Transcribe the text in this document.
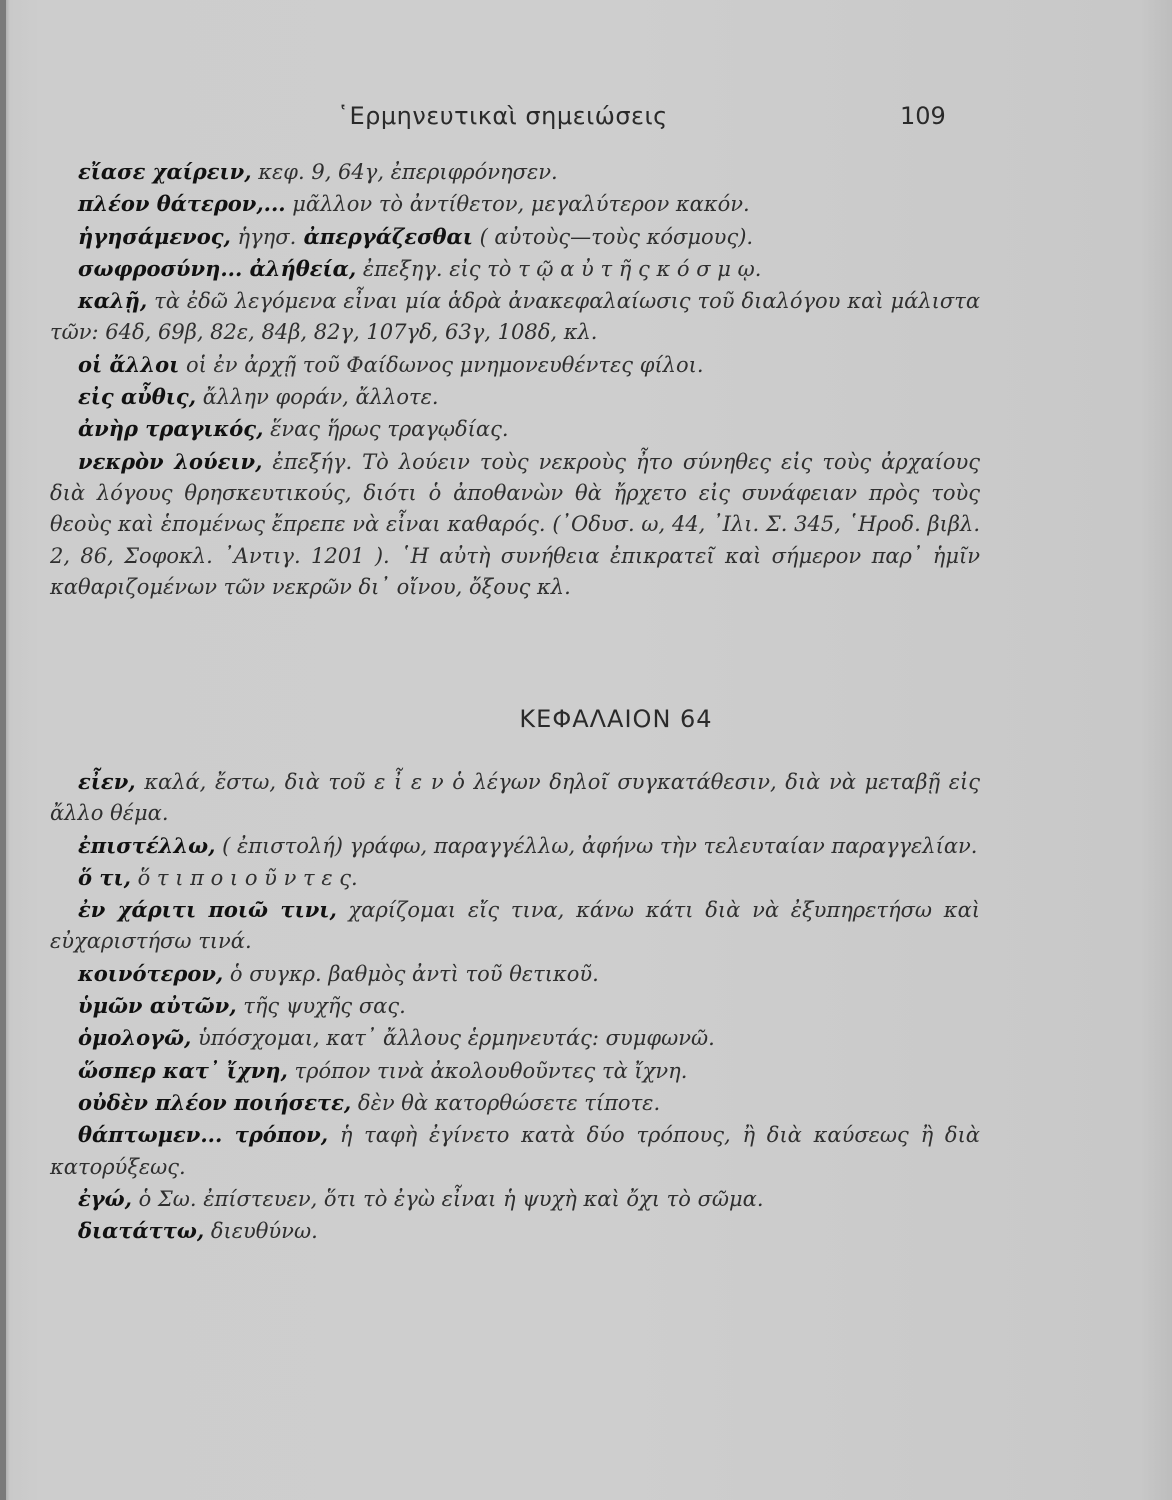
῾Ερμηνευτικαὶ σημειώσεις	109

εἴασε χαίρειν, κεφ. 9, 64γ, ἐπεριφρόνησεν.

πλέον θάτερον,... μᾶλλον τὸ ἀντίθετον, μεγαλύτερον κακόν.

ἡγησάμενος, ἡγησ. ἀπεργάζεσθαι ( αὐτοὺς—τοὺς κόσμους).

σωφροσύνη... ἀλήθεία, ἐπεξηγ. εἰς τὸ τ ῷ α ὐ τ ῆ ς κ ό σ μ ῳ.

καλῇ, τὰ ἐδῶ λεγόμενα εἶναι μία ἁδρὰ ἀνακεφαλαίωσις τοῦ διαλόγου καὶ μάλιστα τῶν: 64δ, 69β, 82ε, 84β, 82γ, 107γδ, 63γ, 108δ, κλ.

οἱ ἄλλοι οἱ ἐν ἀρχῇ τοῦ Φαίδωνος μνημονευθέντες φίλοι.

εἰς αὖθις, ἄλλην φοράν, ἄλλοτε.

ἀνὴρ τραγικός, ἕνας ἥρως τραγῳδίας.

νεκρὸν λούειν, ἐπεξήγ. Τὸ λούειν τοὺς νεκροὺς ἦτο σύνηθες εἰς τοὺς ἀρχαίους διὰ λόγους θρησκευτικούς, διότι ὁ ἀποθανὼν θὰ ἤρχετο εἰς συνάφειαν πρὸς τοὺς θεοὺς καὶ ἑπομένως ἔπρεπε νὰ εἶναι καθαρός. (᾽Οδυσ. ω, 44, ᾽Ιλι. Σ. 345, ῾Ηροδ. βιβλ. 2, 86, Σοφοκλ. ᾽Αντιγ. 1201 ). ῾Η αὐτὴ συνήθεια ἐπικρατεῖ καὶ σήμερον παρ᾽ ἡμῖν καθαριζομένων τῶν νεκρῶν δι᾽ οἴνου, ὄξους κλ.

ΚΕΦΑΛΑΙΟΝ 64

εἶεν, καλά, ἔστω, διὰ τοῦ ε ἶ ε ν ὁ λέγων δηλοῖ συγκατάθεσιν, διὰ νὰ μεταβῇ εἰς ἄλλο θέμα.

ἐπιστέλλω, ( ἐπιστολή) γράφω, παραγγέλλω, ἀφήνω τὴν τελευταίαν παραγγελίαν.

ὅ τι, ὅ τ ι π ο ι ο ῦ ν τ ε ς.

ἐν χάριτι ποιῶ τινι, χαρίζομαι εἴς τινα, κάνω κάτι διὰ νὰ ἐξυπηρετήσω καὶ εὐχαριστήσω τινά.

κοινότερον, ὁ συγκρ. βαθμὸς ἀντὶ τοῦ θετικοῦ.

ὑμῶν αὐτῶν, τῆς ψυχῆς σας.

ὁμολογῶ, ὑπόσχομαι, κατ᾽ ἄλλους ἑρμηνευτάς: συμφωνῶ.

ὥσπερ κατ᾽ ἴχνη, τρόπον τινὰ ἀκολουθοῦντες τὰ ἴχνη.

οὐδὲν πλέον ποιήσετε, δὲν θὰ κατορθώσετε τίποτε.

θάπτωμεν... τρόπον, ἡ ταφὴ ἐγίνετο κατὰ δύο τρόπους, ἢ διὰ καύσεως ἢ διὰ κατορύξεως.

ἐγώ, ὁ Σω. ἐπίστευεν, ὅτι τὸ ἐγὼ εἶναι ἡ ψυχὴ καὶ ὄχι τὸ σῶμα.

διατάττω, διευθύνω.
